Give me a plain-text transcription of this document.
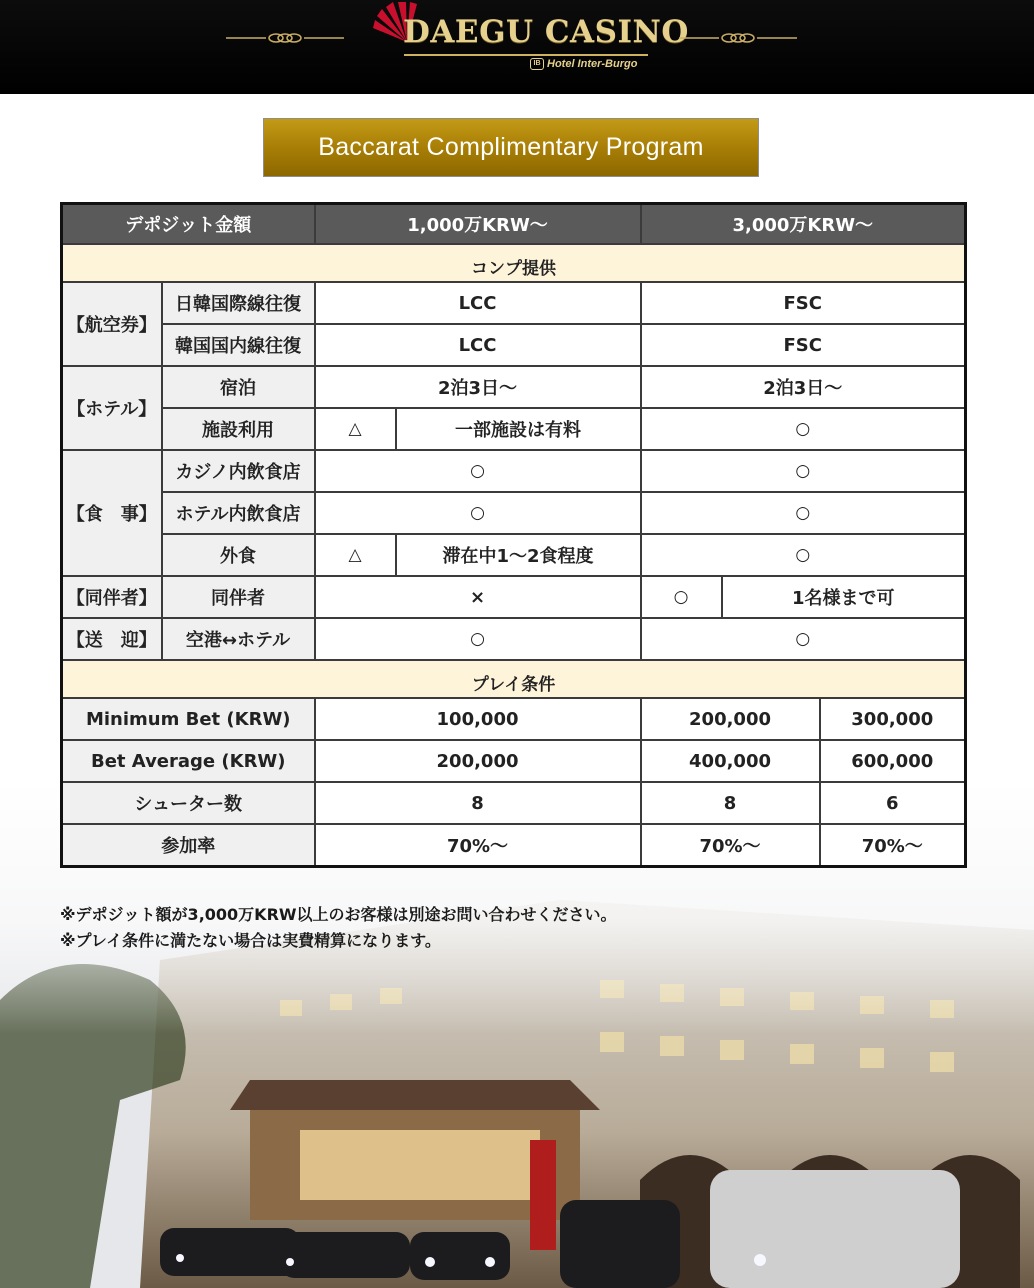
DAEGU CASINO
IB Hotel Inter-Burgo
Baccarat Complimentary Program
デポジット金額		1,000万KRW〜		3,000万KRW〜		
コンプ提供						
【航空券】	日韓国際線往復	LCC		FSC		
	韓国国内線往復	LCC		FSC		
【ホテル】	宿泊	2泊3日〜		2泊3日〜		
	施設利用	△	一部施設は有料	○		
【食　事】	カジノ内飲食店	○		○		
	ホテル内飲食店	○		○		
	外食	△	滞在中1〜2食程度	○		
【同伴者】	同伴者	×		○	1名様まで可	
【送　迎】	空港↔ホテル	○		○		
プレイ条件						
Minimum Bet (KRW)		100,000		200,000		300,000
Bet Average (KRW)		200,000		400,000		600,000
シューター数		8		8		6
参加率		70%〜		70%〜		70%〜
※デポジット額が3,000万KRW以上のお客様は別途お問い合わせください。
※プレイ条件に満たない場合は実費精算になります。
